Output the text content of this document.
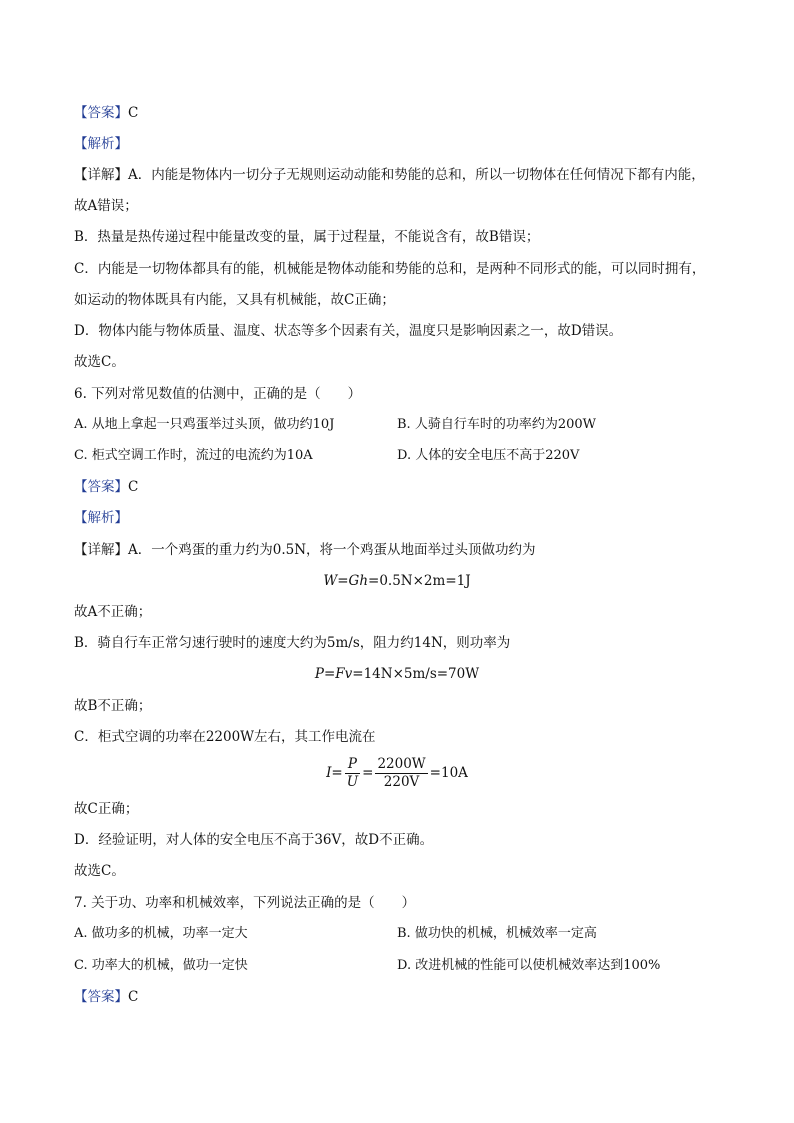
【答案】C
【解析】
【详解】A．内能是物体内一切分子无规则运动动能和势能的总和，所以一切物体在任何情况下都有内能，
故A错误；
B．热量是热传递过程中能量改变的量，属于过程量，不能说含有，故B错误；
C．内能是一切物体都具有的能，机械能是物体动能和势能的总和，是两种不同形式的能，可以同时拥有，
如运动的物体既具有内能，又具有机械能，故C正确；
D．物体内能与物体质量、温度、状态等多个因素有关，温度只是影响因素之一，故D错误。
故选C。
6. 下列对常见数值的估测中，正确的是（　　）
A. 从地上拿起一只鸡蛋举过头顶，做功约10J	B. 人骑自行车时的功率约为200W
C. 柜式空调工作时，流过的电流约为10A	D. 人体的安全电压不高于220V
【答案】C
【解析】
【详解】A．一个鸡蛋的重力约为0.5N，将一个鸡蛋从地面举过头顶做功约为
W=Gh=0.5N×2m=1J
故A不正确；
B．骑自行车正常匀速行驶时的速度大约为5m/s，阻力约14N，则功率为
P=Fv=14N×5m/s=70W
故B不正确；
C．柜式空调的功率在2200W左右，其工作电流在
$I= \frac{P}{U} = \frac{2200W}{220V} =10A$
故C正确；
D．经验证明，对人体的安全电压不高于36V，故D不正确。
故选C。
7. 关于功、功率和机械效率，下列说法正确的是（　　）
A. 做功多的机械，功率一定大	B. 做功快的机械，机械效率一定高
C. 功率大的机械，做功一定快	D. 改进机械的性能可以使机械效率达到100%
【答案】C
